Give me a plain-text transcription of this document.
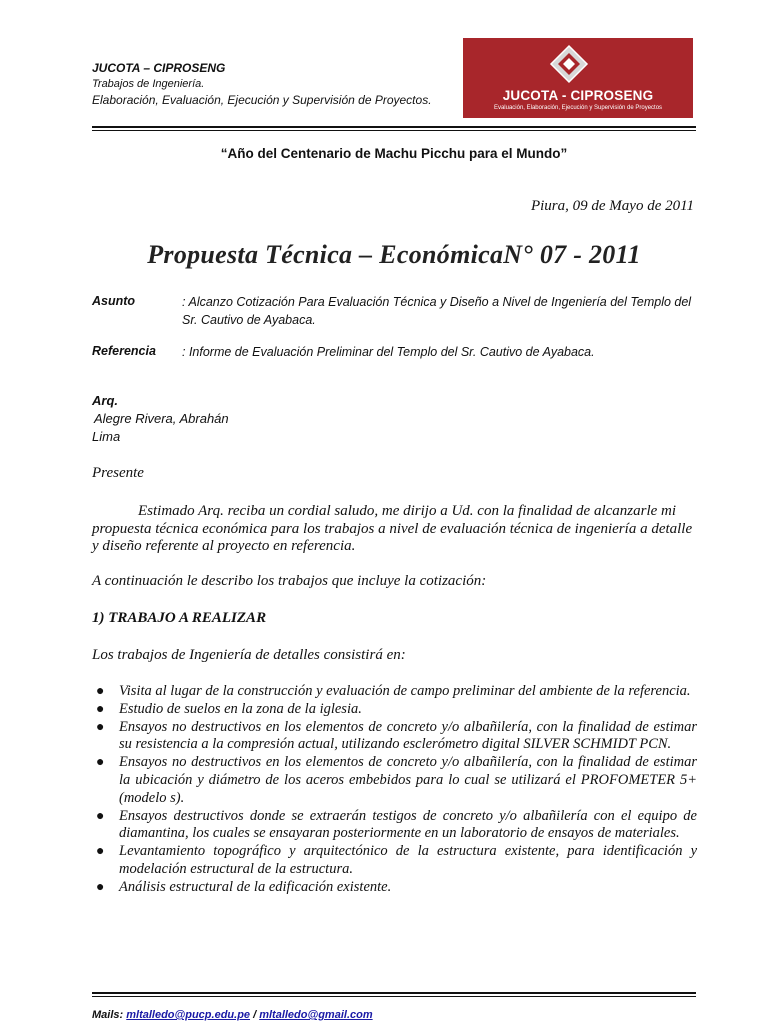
JUCOTA – CIPROSENG
Trabajos de Ingeniería.
Elaboración, Evaluación, Ejecución y Supervisión de Proyectos.	JUCOTA - CIPROSENG
Evaluación, Elaboración, Ejecución y Supervisión de Proyectos
“Año del Centenario de Machu Picchu para el Mundo”
Piura, 09 de Mayo de 2011
Propuesta Técnica – EconómicaN° 07 - 2011
Asunto	: Alcanzo Cotización Para Evaluación Técnica y Diseño a Nivel de Ingeniería del Templo del Sr. Cautivo de Ayabaca.
Referencia : Informe de Evaluación Preliminar del Templo del Sr. Cautivo de Ayabaca.
Arq.
Alegre Rivera, Abrahán
Lima
Presente
Estimado Arq. reciba un cordial saludo, me dirijo a Ud. con la finalidad de alcanzarle mi propuesta técnica económica para los trabajos a nivel de evaluación técnica de ingeniería a detalle y diseño referente al proyecto en referencia.
A continuación le describo los trabajos que incluye la cotización:
1) TRABAJO A REALIZAR
Los trabajos de Ingeniería de detalles consistirá en:
● Visita al lugar de la construcción y evaluación de campo preliminar del ambiente de la referencia.
● Estudio de suelos en la zona de la iglesia.
● Ensayos no destructivos en los elementos de concreto y/o albañilería, con la finalidad de estimar su resistencia a la compresión actual, utilizando esclerómetro digital SILVER SCHMIDT PCN.
● Ensayos no destructivos en los elementos de concreto y/o albañilería, con la finalidad de estimar la ubicación y diámetro de los aceros embebidos para lo cual se utilizará el PROFOMETER 5+ (modelo s).
● Ensayos destructivos donde se extraerán testigos de concreto y/o albañilería con el equipo de diamantina, los cuales se ensayaran posteriormente en un laboratorio de ensayos de materiales.
● Levantamiento topográfico y arquitectónico de la estructura existente, para identificación y modelación estructural de la estructura.
● Análisis estructural de la edificación existente.
Mails: mltalledo@pucp.edu.pe / mltalledo@gmail.com
